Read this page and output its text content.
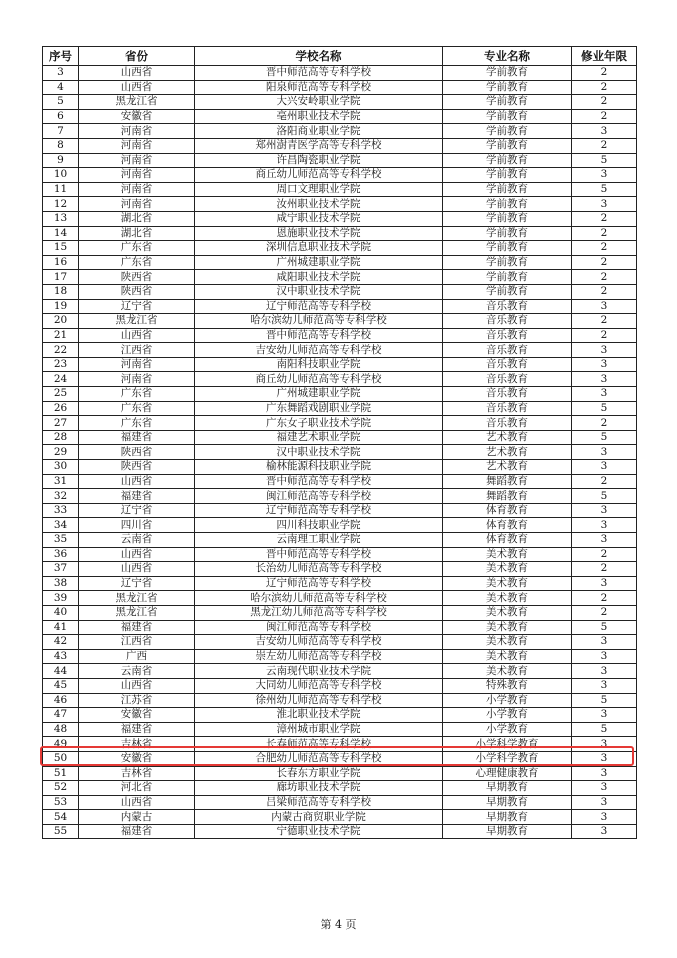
序号	省份	学校名称	专业名称	修业年限
3	山西省	晋中师范高等专科学校	学前教育	2
4	山西省	阳泉师范高等专科学校	学前教育	2
5	黑龙江省	大兴安岭职业学院	学前教育	2
6	安徽省	亳州职业技术学院	学前教育	2
7	河南省	洛阳商业职业学院	学前教育	3
8	河南省	郑州澍青医学高等专科学校	学前教育	2
9	河南省	许昌陶瓷职业学院	学前教育	5
10	河南省	商丘幼儿师范高等专科学校	学前教育	3
11	河南省	周口文理职业学院	学前教育	5
12	河南省	汝州职业技术学院	学前教育	3
13	湖北省	咸宁职业技术学院	学前教育	2
14	湖北省	恩施职业技术学院	学前教育	2
15	广东省	深圳信息职业技术学院	学前教育	2
16	广东省	广州城建职业学院	学前教育	2
17	陕西省	咸阳职业技术学院	学前教育	2
18	陕西省	汉中职业技术学院	学前教育	2
19	辽宁省	辽宁师范高等专科学校	音乐教育	3
20	黑龙江省	哈尔滨幼儿师范高等专科学校	音乐教育	2
21	山西省	晋中师范高等专科学校	音乐教育	2
22	江西省	吉安幼儿师范高等专科学校	音乐教育	3
23	河南省	南阳科技职业学院	音乐教育	3
24	河南省	商丘幼儿师范高等专科学校	音乐教育	3
25	广东省	广州城建职业学院	音乐教育	3
26	广东省	广东舞蹈戏剧职业学院	音乐教育	5
27	广东省	广东女子职业技术学院	音乐教育	2
28	福建省	福建艺术职业学院	艺术教育	5
29	陕西省	汉中职业技术学院	艺术教育	3
30	陕西省	榆林能源科技职业学院	艺术教育	3
31	山西省	晋中师范高等专科学校	舞蹈教育	2
32	福建省	闽江师范高等专科学校	舞蹈教育	5
33	辽宁省	辽宁师范高等专科学校	体育教育	3
34	四川省	四川科技职业学院	体育教育	3
35	云南省	云南理工职业学院	体育教育	3
36	山西省	晋中师范高等专科学校	美术教育	2
37	山西省	长治幼儿师范高等专科学校	美术教育	2
38	辽宁省	辽宁师范高等专科学校	美术教育	3
39	黑龙江省	哈尔滨幼儿师范高等专科学校	美术教育	2
40	黑龙江省	黑龙江幼儿师范高等专科学校	美术教育	2
41	福建省	闽江师范高等专科学校	美术教育	5
42	江西省	吉安幼儿师范高等专科学校	美术教育	3
43	广西	崇左幼儿师范高等专科学校	美术教育	3
44	云南省	云南现代职业技术学院	美术教育	3
45	山西省	大同幼儿师范高等专科学校	特殊教育	3
46	江苏省	徐州幼儿师范高等专科学校	小学教育	5
47	安徽省	淮北职业技术学院	小学教育	3
48	福建省	漳州城市职业学院	小学教育	5
49	吉林省	长春师范高等专科学校	小学科学教育	3
50	安徽省	合肥幼儿师范高等专科学校	小学科学教育	3
51	吉林省	长春东方职业学院	心理健康教育	3
52	河北省	廊坊职业技术学院	早期教育	3
53	山西省	吕梁师范高等专科学校	早期教育	3
54	内蒙古	内蒙古商贸职业学院	早期教育	3
55	福建省	宁德职业技术学院	早期教育	3
第 4 页
